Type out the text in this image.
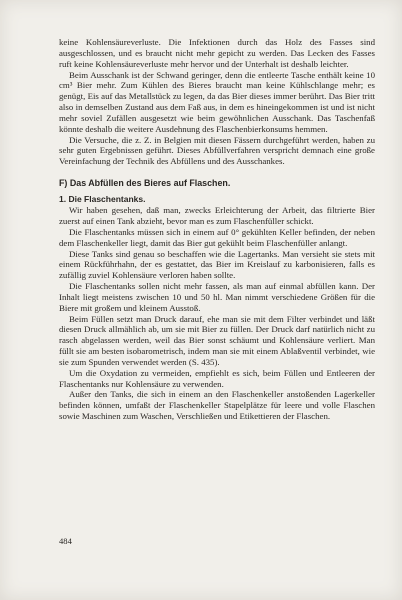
keine Kohlensäureverluste. Die Infektionen durch das Holz des Fasses sind ausgeschlossen, und es braucht nicht mehr gepicht zu werden. Das Lecken des Fasses ruft keine Kohlensäureverluste mehr hervor und der Unterhalt ist deshalb leichter.

Beim Ausschank ist der Schwand geringer, denn die entleerte Tasche enthält keine 10 cm³ Bier mehr. Zum Kühlen des Bieres braucht man keine Kühlschlange mehr; es genügt, Eis auf das Metallstück zu legen, da das Bier dieses immer berührt. Das Bier tritt also in demselben Zustand aus dem Faß aus, in dem es hineingekommen ist und ist nicht mehr soviel Zufällen ausgesetzt wie beim gewöhnlichen Ausschank. Das Taschenfaß könnte deshalb die weitere Ausdehnung des Flaschenbierkonsums hemmen.

Die Versuche, die z. Z. in Belgien mit diesen Fässern durchgeführt werden, haben zu sehr guten Ergebnissen geführt. Dieses Abfüllverfahren verspricht demnach eine große Vereinfachung der Technik des Abfüllens und des Ausschankes.

F) Das Abfüllen des Bieres auf Flaschen.
1. Die Flaschentanks.

Wir haben gesehen, daß man, zwecks Erleichterung der Arbeit, das filtrierte Bier zuerst auf einen Tank abzieht, bevor man es zum Flaschenfüller schickt.

Die Flaschentanks müssen sich in einem auf 0° gekühlten Keller befinden, der neben dem Flaschenkeller liegt, damit das Bier gut gekühlt beim Flaschenfüller anlangt.

Diese Tanks sind genau so beschaffen wie die Lagertanks. Man versieht sie stets mit einem Rückführhahn, der es gestattet, das Bier im Kreislauf zu karbonisieren, falls es zufällig zuviel Kohlensäure verloren haben sollte.

Die Flaschentanks sollen nicht mehr fassen, als man auf einmal abfüllen kann. Der Inhalt liegt meistens zwischen 10 und 50 hl. Man nimmt verschiedene Größen für die Biere mit großem und kleinem Ausstoß.

Beim Füllen setzt man Druck darauf, ehe man sie mit dem Filter verbindet und läßt diesen Druck allmählich ab, um sie mit Bier zu füllen. Der Druck darf natürlich nicht zu rasch abgelassen werden, weil das Bier sonst schäumt und Kohlensäure verliert. Man füllt sie am besten isobarometrisch, indem man sie mit einem Ablaßventil verbindet, wie sie zum Spunden verwendet werden (S. 435).

Um die Oxydation zu vermeiden, empfiehlt es sich, beim Füllen und Entleeren der Flaschentanks nur Kohlensäure zu verwenden.

Außer den Tanks, die sich in einem an den Flaschenkeller anstoßenden Lagerkeller befinden können, umfaßt der Flaschenkeller Stapelplätze für leere und volle Flaschen sowie Maschinen zum Waschen, Verschließen und Etikettieren der Flaschen.

484
